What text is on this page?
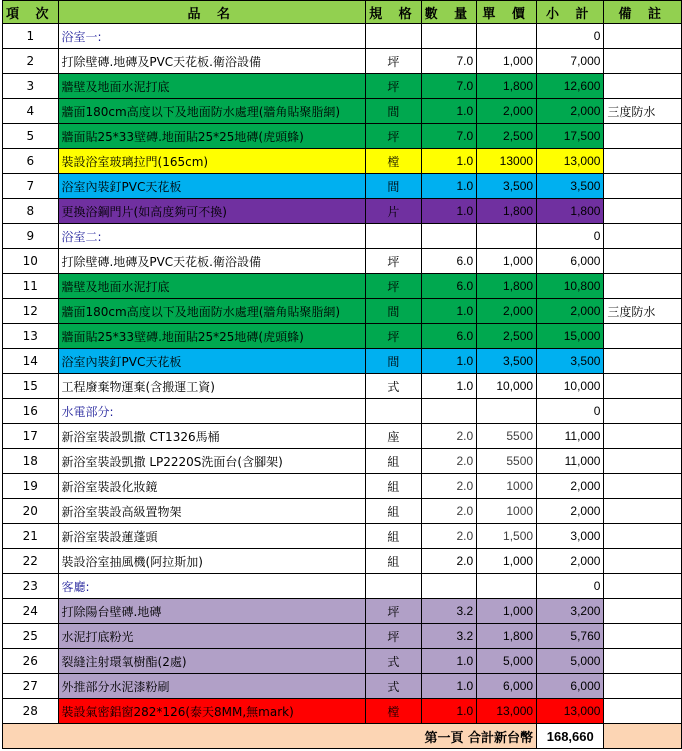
項 次	品 名	規 格	數 量	單 價	小 計	備 註
1	浴室一:				0	
2	打除壁磚.地磚及PVC天花板.衛浴設備	坪	7.0	1,000	7,000	
3	牆壁及地面水泥打底	坪	7.0	1,800	12,600	
4	牆面180cm高度以下及地面防水處理(牆角貼聚脂網)	間	1.0	2,000	2,000	三度防水
5	牆面貼25*33壁磚.地面貼25*25地磚(虎頭蜂)	坪	7.0	2,500	17,500	
6	裝設浴室玻璃拉門(165cm)	樘	1.0	13000	13,000	
7	浴室內裝釘PVC天花板	間	1.0	3,500	3,500	
8	更換浴鋼門片(如高度夠可不換)	片	1.0	1,800	1,800	
9	浴室二:				0	
10	打除壁磚.地磚及PVC天花板.衛浴設備	坪	6.0	1,000	6,000	
11	牆壁及地面水泥打底	坪	6.0	1,800	10,800	
12	牆面180cm高度以下及地面防水處理(牆角貼聚脂網)	間	1.0	2,000	2,000	三度防水
13	牆面貼25*33壁磚.地面貼25*25地磚(虎頭蜂)	坪	6.0	2,500	15,000	
14	浴室內裝釘PVC天花板	間	1.0	3,500	3,500	
15	工程廢棄物運棄(含搬運工資)	式	1.0	10,000	10,000	
16	水電部分:				0	
17	新浴室裝設凱撒 CT1326馬桶	座	2.0	5500	11,000	
18	新浴室裝設凱撒 LP2220S洗面台(含腳架)	組	2.0	5500	11,000	
19	新浴室裝設化妝鏡	組	2.0	1000	2,000	
20	新浴室裝設高級置物架	組	2.0	1000	2,000	
21	新浴室裝設蓮蓬頭	組	2.0	1,500	3,000	
22	裝設浴室抽風機(阿拉斯加)	組	2.0	1,000	2,000	
23	客廳:				0	
24	打除陽台壁磚.地磚	坪	3.2	1,000	3,200	
25	水泥打底粉光	坪	3.2	1,800	5,760	
26	裂縫注射環氧樹酯(2處)	式	1.0	5,000	5,000	
27	外推部分水泥漆粉刷	式	1.0	6,000	6,000	
28	裝設氣密鋁窗282*126(泰天8MM,無mark)	樘	1.0	13,000	13,000	
第一頁 合計新台幣					168,660	
